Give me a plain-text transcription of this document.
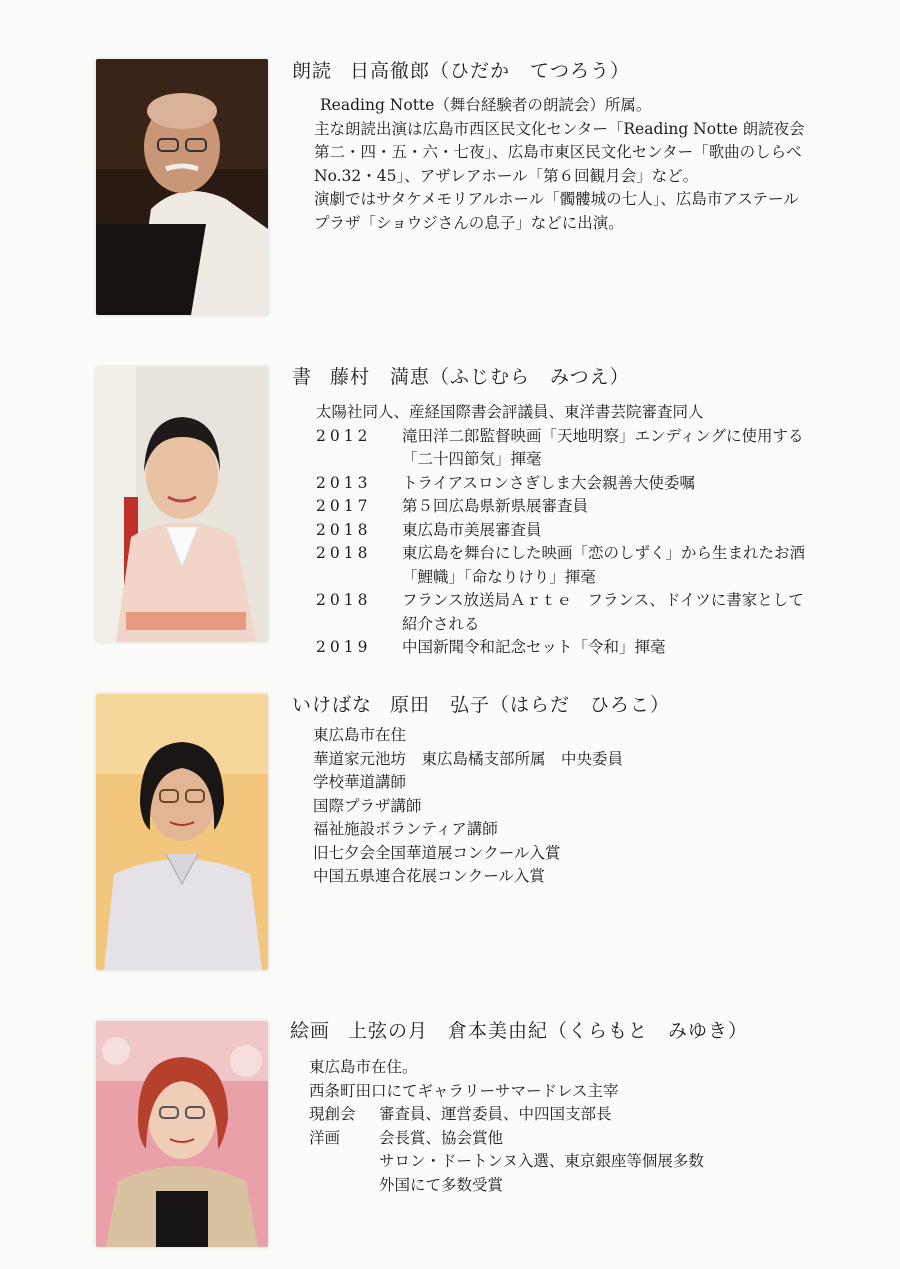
朗読 日高徹郎（ひだか　てつろう）

Reading Notte（舞台経験者の朗読会）所属。

主な朗読出演は広島市西区民文化センター「Reading Notte 朗読夜会

第二・四・五・六・七夜」、広島市東区民文化センター「歌曲のしらべ

No.32・45」、アザレアホール「第６回観月会」など。

演劇ではサタケメモリアルホール「髑髏城の七人」、広島市アステール

プラザ「ショウジさんの息子」などに出演。

書 藤村　満恵（ふじむら　みつえ）

太陽社同人、産経国際書会評議員、東洋書芸院審査同人

2012 滝田洋二郎監督映画「天地明察」エンディングに使用する

「二十四節気」揮毫

2013 トライアスロンさぎしま大会親善大使委嘱

2017 第５回広島県新県展審査員

2018 東広島市美展審査員

2018 東広島を舞台にした映画「恋のしずく」から生まれたお酒

「鯉幟」「命なりけり」揮毫

2018 フランス放送局Ａｒｔｅ　フランス、ドイツに書家として

紹介される

2019 中国新聞令和記念セット「令和」揮毫

いけばな 原田　弘子（はらだ　ひろこ）

東広島市在住

華道家元池坊　東広島橘支部所属　中央委員

学校華道講師

国際プラザ講師

福祉施設ボランティア講師

旧七夕会全国華道展コンクール入賞

中国五県連合花展コンクール入賞

絵画 上弦の月　倉本美由紀（くらもと　みゆき）

東広島市在住。

西条町田口にてギャラリーサマードレス主宰

現創会 審査員、運営委員、中四国支部長

洋画	会長賞、協会賞他

サロン・ドートンヌ入選、東京銀座等個展多数

外国にて多数受賞
